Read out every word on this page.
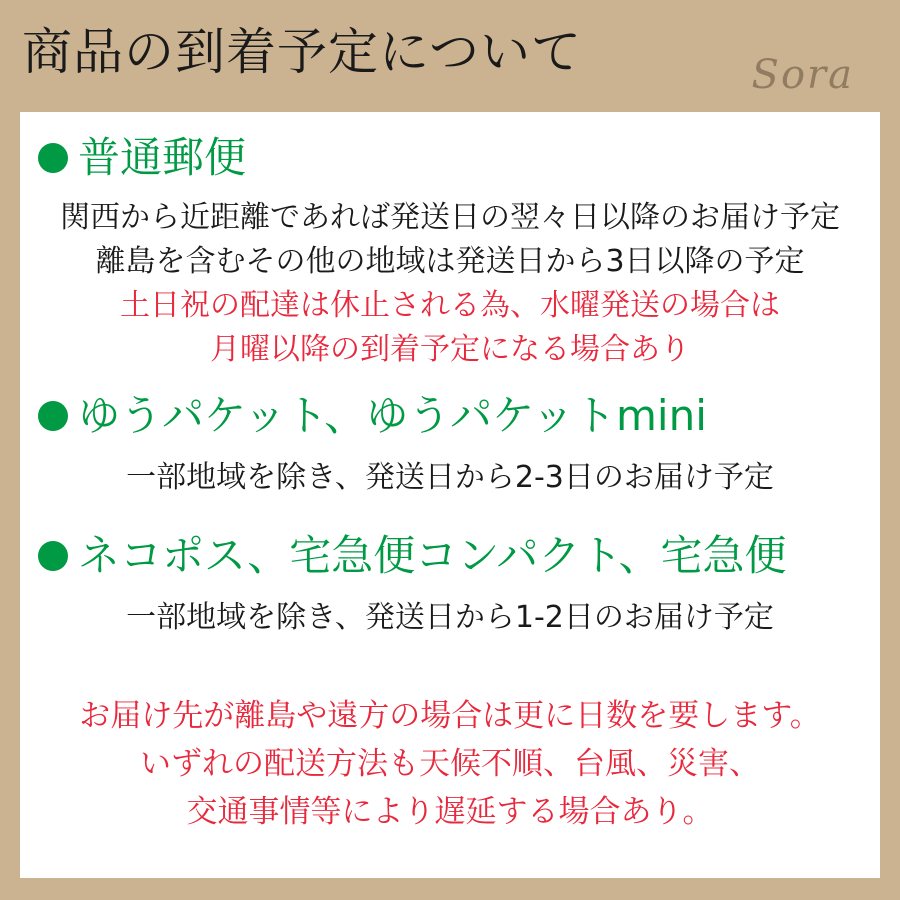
商品の到着予定について	Sora
普通郵便
関西から近距離であれば発送日の翌々日以降のお届け予定
離島を含むその他の地域は発送日から3日以降の予定
土日祝の配達は休止される為、水曜発送の場合は
月曜以降の到着予定になる場合あり
ゆうパケット、ゆうパケットmini
一部地域を除き、発送日から2-3日のお届け予定
ネコポス、宅急便コンパクト、宅急便
一部地域を除き、発送日から1-2日のお届け予定
お届け先が離島や遠方の場合は更に日数を要します。
いずれの配送方法も天候不順、台風、災害、
交通事情等により遅延する場合あり。
